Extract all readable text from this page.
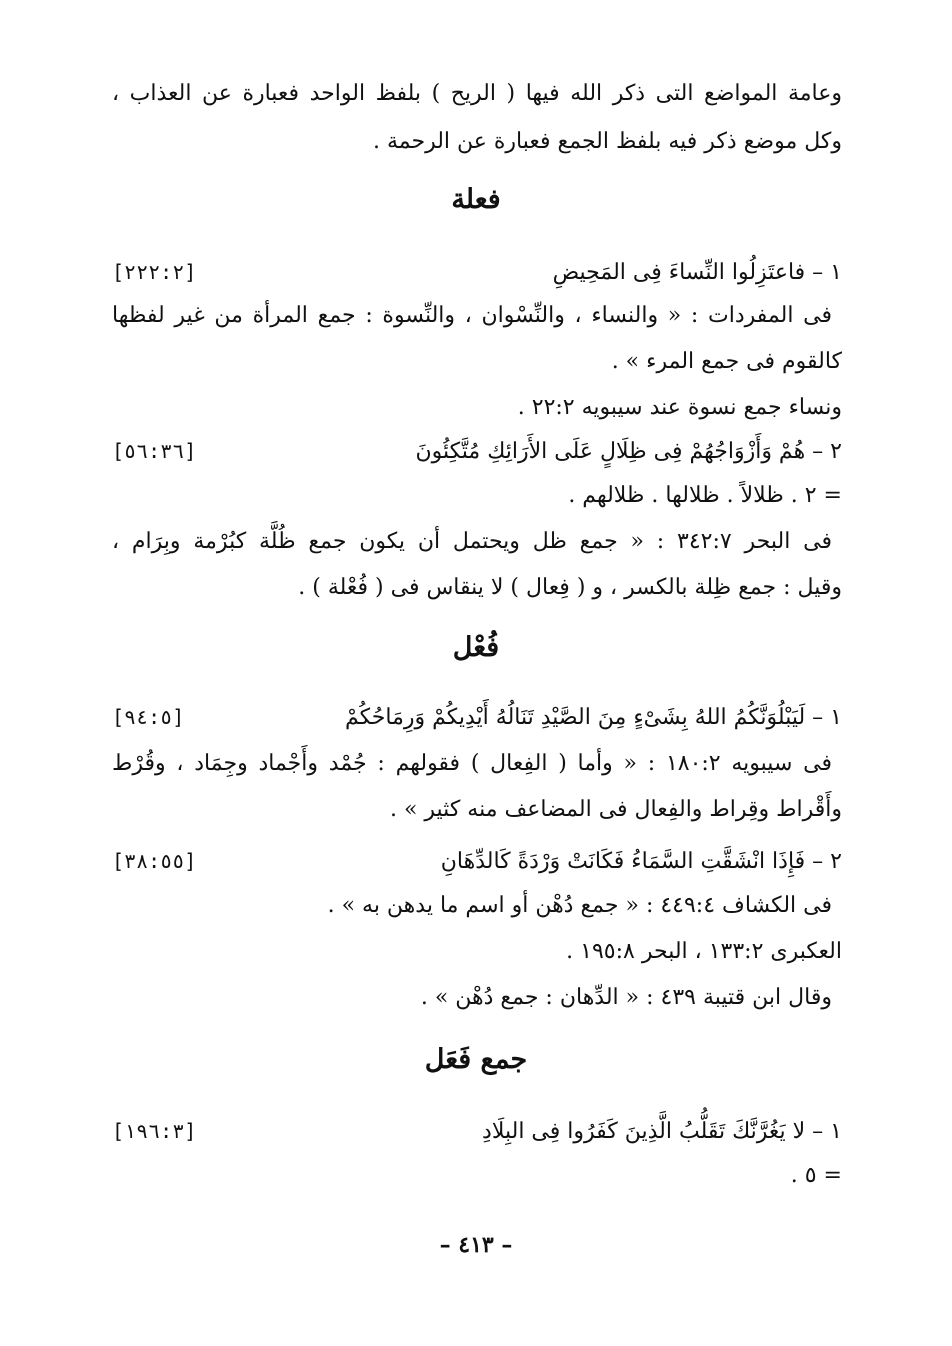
وعامة المواضع التى ذكر الله فيها ( الريح ) بلفظ الواحد فعبارة عن العذاب ،
وكل موضع ذكر فيه بلفظ الجمع فعبارة عن الرحمة .
فعلة
١ – فاعتَزِلُوا النِّساءَ فِى المَحِيضِ
[٢٢٢:٢]
فى المفردات : « والنساء ، والنِّسْوان ، والنِّسوة : جمع المرأة من غير لفظها
كالقوم فى جمع المرء » .
ونساء جمع نسوة عند سيبويه ٢٢:٢ .
٢ – هُمْ وَأَزْوَاجُهُمْ فِى ظِلَالٍ عَلَى الأَرَائِكِ مُتَّكِئُونَ
[٥٦:٣٦]
= ٢ . ظلالاً . ظلالها . ظلالهم .
فى البحر ٣٤٢:٧ : « جمع ظل ويحتمل أن يكون جمع ظُلَّة كبُرْمة وبِرَام ،
وقيل : جمع ظِلة بالكسر ، و ( فِعال ) لا ينقاس فى ( فُعْلة ) .
فُعْل
١ – لَيَبْلُوَنَّكُمُ اللهُ بِشَىْءٍ مِنَ الصَّيْدِ تَنَالُهُ أَيْدِيكُمْ وَرِمَاحُكُمْ
[٩٤:٥]
فى سيبويه ١٨٠:٢ : « وأما ( الفِعال ) فقولهم : جُمْد وأَجْماد وجِمَاد ، وقُرْط
وأَقْراط وقِراط والفِعال فى المضاعف منه كثير » .
٢ – فَإِذَا انْشَقَّتِ السَّمَاءُ فَكَانَتْ وَرْدَةً كَالدِّهَانِ
[٣٨:٥٥]
فى الكشاف ٤٤٩:٤ : « جمع دُهْن أو اسم ما يدهن به » .
العكبرى ١٣٣:٢ ، البحر ١٩٥:٨ .
وقال ابن قتيبة ٤٣٩ : « الدِّهان : جمع دُهْن » .
جمع فَعَل
١ – لا يَغُرَّنَّكَ تَقَلُّبُ الَّذِينَ كَفَرُوا فِى البِلَادِ
[١٩٦:٣]
= ٥ .
– ٤١٣ –
